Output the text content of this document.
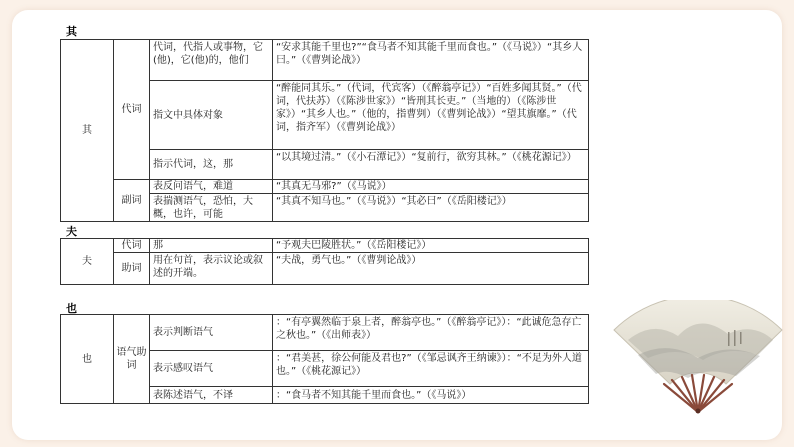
其
其	代词	代词，代指人或事物，它(他)，它(他)的，他们	“安求其能千里也?”“食马者不知其能千里而食也。”（《马说》）“其乡人曰。”（《曹刿论战》）
		指文中具体对象	“醉能同其乐。”（代词，代宾客）（《醉翁亭记》）“百姓多闻其贤。”（代词，代扶苏）（《陈涉世家》）“皆刑其长吏。”（当地的）（《陈涉世家》）“其乡人也。”（他的，指曹刿）（《曹刿论战》）“望其旗靡。”（代词，指齐军）（《曹刿论战》）
		指示代词，这，那	“以其境过清。”（《小石潭记》）“复前行，欲穷其林。”（《桃花源记》）
	副词	表反问语气，难道	“其真无马邪?”（《马说》）
		表揣测语气，恐怕，大概，也许，可能	“其真不知马也。”（《马说》）“其必曰”（《岳阳楼记》）
夫
夫	代词	那	“予观夫巴陵胜状。”（《岳阳楼记》）
	助词	用在句首，表示议论或叙述的开端。	“夫战，勇气也。”（《曹刿论战》）
也
也	语气助词	表示判断语气	：“有亭翼然临于泉上者，醉翁亭也。”（《醉翁亭记》）：“此诚危急存亡之秋也。”（《出师表》）
		表示感叹语气	：“君美甚，徐公何能及君也?”（《邹忌讽齐王纳谏》）：“不足为外人道也。”（《桃花源记》）
		表陈述语气，不译	：“食马者不知其能千里而食也。”（《马说》）
